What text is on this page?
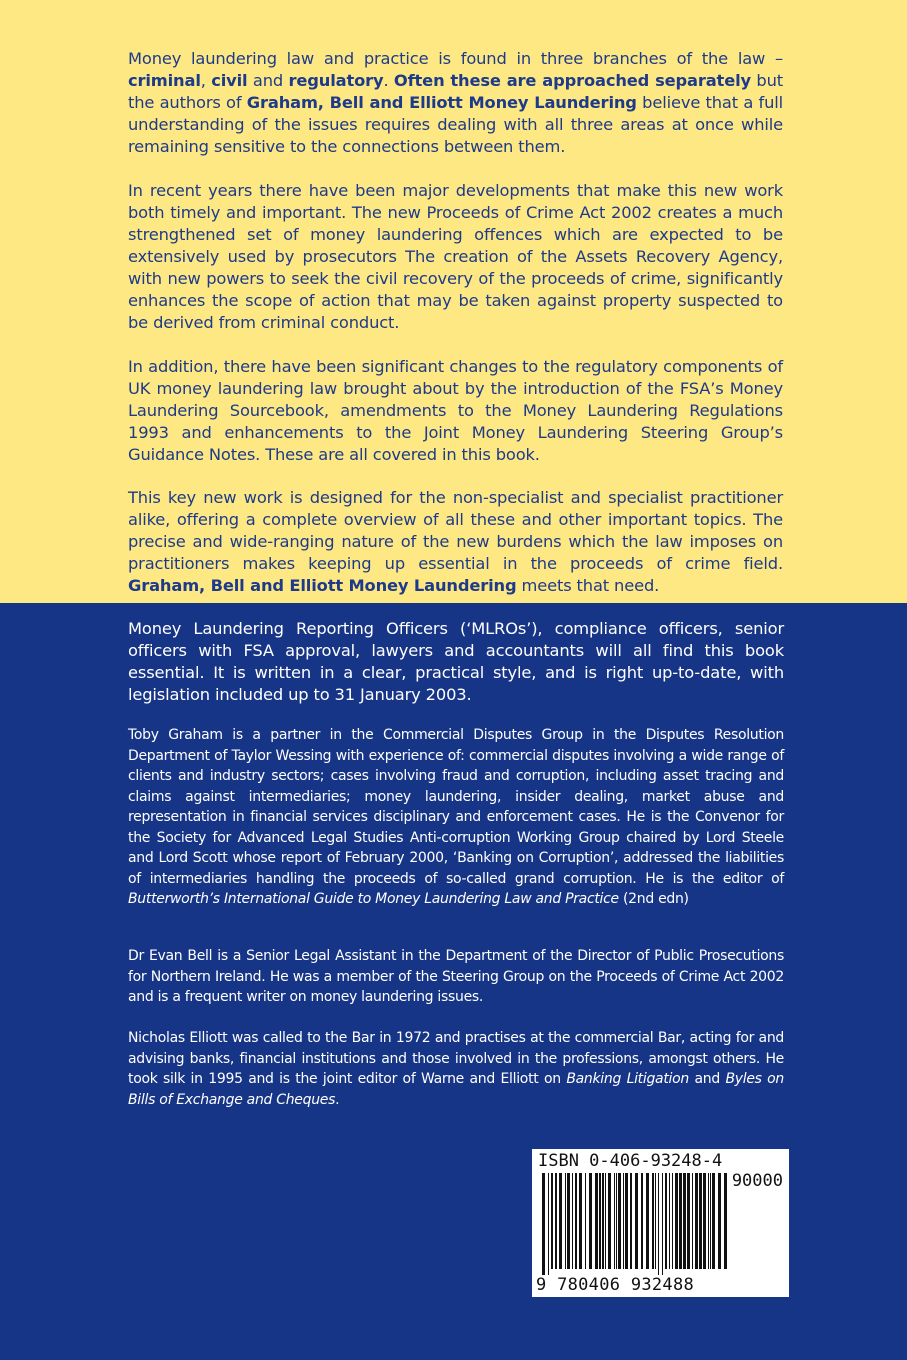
Money laundering law and practice is found in three branches of the law – criminal, civil and regulatory. Often these are approached separately but the authors of Graham, Bell and Elliott Money Laundering believe that a full understanding of the issues requires dealing with all three areas at once while remaining sensitive to the connections between them.

In recent years there have been major developments that make this new work both timely and important. The new Proceeds of Crime Act 2002 creates a much strengthened set of money laundering offences which are expected to be extensively used by prosecutors The creation of the Assets Recovery Agency, with new powers to seek the civil recovery of the proceeds of crime, significantly enhances the scope of action that may be taken against property suspected to be derived from criminal conduct.

In addition, there have been significant changes to the regulatory components of UK money laundering law brought about by the introduction of the FSA’s Money Laundering Sourcebook, amendments to the Money Laundering Regulations 1993 and enhancements to the Joint Money Laundering Steering Group’s Guidance Notes. These are all covered in this book.

This key new work is designed for the non-specialist and specialist practitioner alike, offering a complete overview of all these and other important topics. The precise and wide-ranging nature of the new burdens which the law imposes on practitioners makes keeping up essential in the proceeds of crime field. Graham, Bell and Elliott Money Laundering meets that need.

Money Laundering Reporting Officers (‘MLROs’), compliance officers, senior officers with FSA approval, lawyers and accountants will all find this book essential. It is written in a clear, practical style, and is right up-to-date, with legislation included up to 31 January 2003.

Toby Graham is a partner in the Commercial Disputes Group in the Disputes Resolution Department of Taylor Wessing with experience of: commercial disputes involving a wide range of clients and industry sectors; cases involving fraud and corruption, including asset tracing and claims against intermediaries; money laundering, insider dealing, market abuse and representation in financial services disciplinary and enforcement cases. He is the Convenor for the Society for Advanced Legal Studies Anti-corruption Working Group chaired by Lord Steele and Lord Scott whose report of February 2000, ‘Banking on Corruption’, addressed the liabilities of intermediaries handling the proceeds of so-called grand corruption. He is the editor of Butterworth’s International Guide to Money Laundering Law and Practice (2nd edn)

Dr Evan Bell is a Senior Legal Assistant in the Department of the Director of Public Prosecutions for Northern Ireland. He was a member of the Steering Group on the Proceeds of Crime Act 2002 and is a frequent writer on money laundering issues.

Nicholas Elliott was called to the Bar in 1972 and practises at the commercial Bar, acting for and advising banks, financial institutions and those involved in the professions, amongst others. He took silk in 1995 and is the joint editor of Warne and Elliott on Banking Litigation and Byles on Bills of Exchange and Cheques.

ISBN 0-406-93248-4
90000
9 780406 932488
